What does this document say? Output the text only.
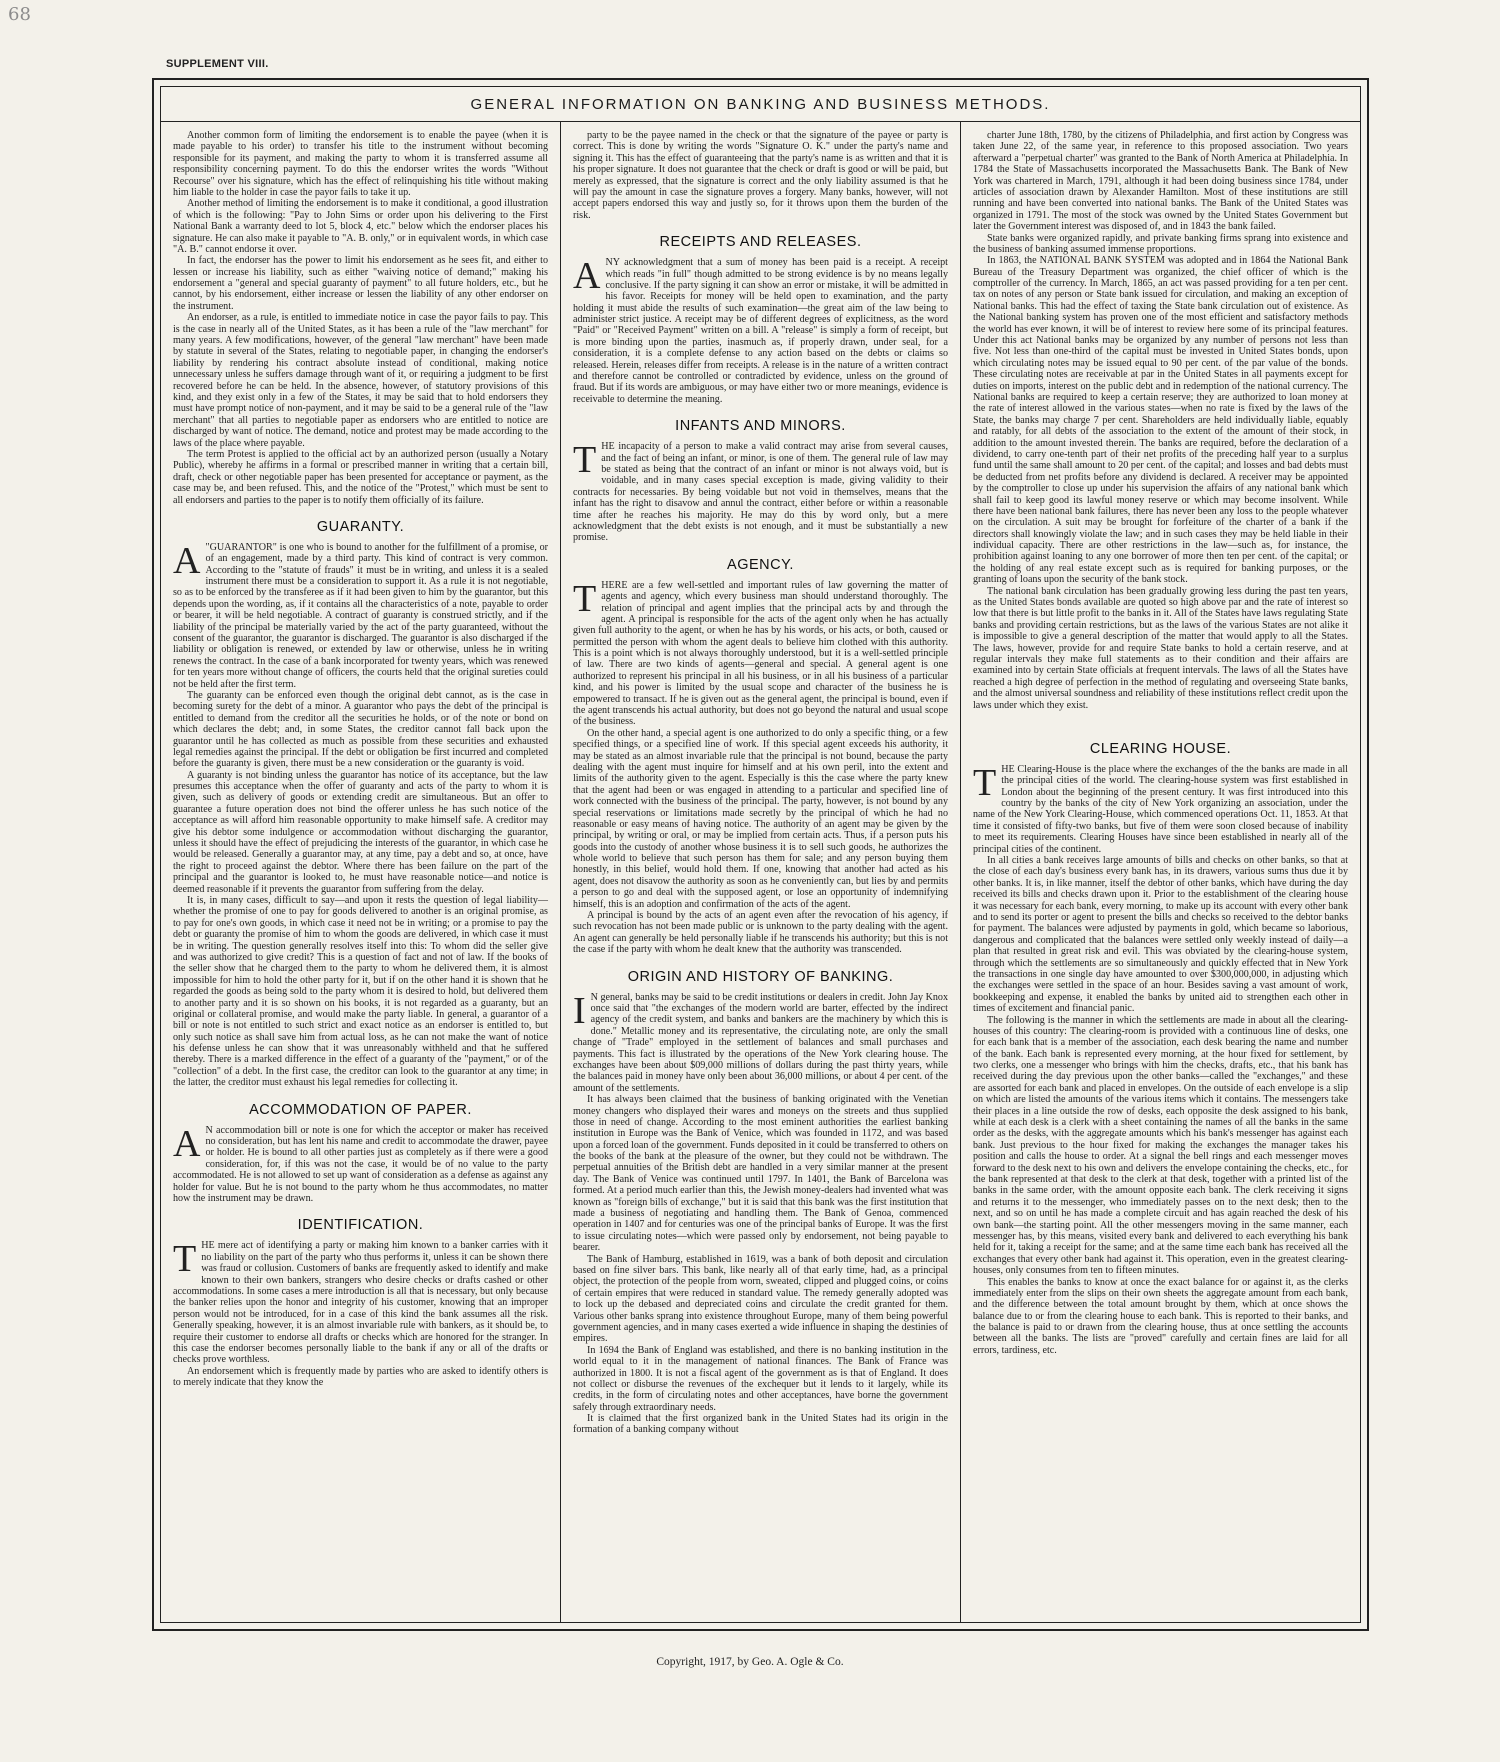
68
SUPPLEMENT VIII.
GENERAL INFORMATION ON BANKING AND BUSINESS METHODS.

Another common form of limiting the endorsement is to enable the payee (when it is made payable to his order) to transfer his title to the instrument without becoming responsible for its payment, and making the party to whom it is transferred assume all responsibility concerning payment. To do this the endorser writes the words "Without Recourse" over his signature, which has the effect of relinquishing his title without making him liable to the holder in case the payor fails to take it up.

Another method of limiting the endorsement is to make it conditional, a good illustration of which is the following: "Pay to John Sims or order upon his delivering to the First National Bank a warranty deed to lot 5, block 4, etc." below which the endorser places his signature. He can also make it payable to "A. B. only," or in equivalent words, in which case "A. B." cannot endorse it over.

In fact, the endorser has the power to limit his endorsement as he sees fit, and either to lessen or increase his liability, such as either "waiving notice of demand;" making his endorsement a "general and special guaranty of payment" to all future holders, etc., but he cannot, by his endorsement, either increase or lessen the liability of any other endorser on the instrument.

An endorser, as a rule, is entitled to immediate notice in case the payor fails to pay. This is the case in nearly all of the United States, as it has been a rule of the "law merchant" for many years. A few modifications, however, of the general "law merchant" have been made by statute in several of the States, relating to negotiable paper, in changing the endorser's liability by rendering his contract absolute instead of conditional, making notice unnecessary unless he suffers damage through want of it, or requiring a judgment to be first recovered before he can be held. In the absence, however, of statutory provisions of this kind, and they exist only in a few of the States, it may be said that to hold endorsers they must have prompt notice of non-payment, and it may be said to be a general rule of the "law merchant" that all parties to negotiable paper as endorsers who are entitled to notice are discharged by want of notice. The demand, notice and protest may be made according to the laws of the place where payable.

The term Protest is applied to the official act by an authorized person (usually a Notary Public), whereby he affirms in a formal or prescribed manner in writing that a certain bill, draft, check or other negotiable paper has been presented for acceptance or payment, as the case may be, and been refused. This, and the notice of the "Protest," which must be sent to all endorsers and parties to the paper is to notify them officially of its failure.

GUARANTY.

A "GUARANTOR" is one who is bound to another for the fulfillment of a promise, or of an engagement, made by a third party. This kind of contract is very common. According to the "statute of frauds" it must be in writing, and unless it is a sealed instrument there must be a consideration to support it. As a rule it is not negotiable, so as to be enforced by the transferee as if it had been given to him by the guarantor, but this depends upon the wording, as, if it contains all the characteristics of a note, payable to order or bearer, it will be held negotiable. A contract of guaranty is construed strictly, and if the liability of the principal be materially varied by the act of the party guaranteed, without the consent of the guarantor, the guarantor is discharged. The guarantor is also discharged if the liability or obligation is renewed, or extended by law or otherwise, unless he in writing renews the contract. In the case of a bank incorporated for twenty years, which was renewed for ten years more without change of officers, the courts held that the original sureties could not be held after the first term.

The guaranty can be enforced even though the original debt cannot, as is the case in becoming surety for the debt of a minor. A guarantor who pays the debt of the principal is entitled to demand from the creditor all the securities he holds, or of the note or bond on which declares the debt; and, in some States, the creditor cannot fall back upon the guarantor until he has collected as much as possible from these securities and exhausted legal remedies against the principal. If the debt or obligation be first incurred and completed before the guaranty is given, there must be a new consideration or the guaranty is void.

A guaranty is not binding unless the guarantor has notice of its acceptance, but the law presumes this acceptance when the offer of guaranty and acts of the party to whom it is given, such as delivery of goods or extending credit are simultaneous. But an offer to guarantee a future operation does not bind the offerer unless he has such notice of the acceptance as will afford him reasonable opportunity to make himself safe. A creditor may give his debtor some indulgence or accommodation without discharging the guarantor, unless it should have the effect of prejudicing the interests of the guarantor, in which case he would be released. Generally a guarantor may, at any time, pay a debt and so, at once, have the right to proceed against the debtor. Where there has been failure on the part of the principal and the guarantor is looked to, he must have reasonable notice—and notice is deemed reasonable if it prevents the guarantor from suffering from the delay.

It is, in many cases, difficult to say—and upon it rests the question of legal liability—whether the promise of one to pay for goods delivered to another is an original promise, as to pay for one's own goods, in which case it need not be in writing; or a promise to pay the debt or guaranty the promise of him to whom the goods are delivered, in which case it must be in writing. The question generally resolves itself into this: To whom did the seller give and was authorized to give credit? This is a question of fact and not of law. If the books of the seller show that he charged them to the party to whom he delivered them, it is almost impossible for him to hold the other party for it, but if on the other hand it is shown that he regarded the goods as being sold to the party whom it is desired to hold, but delivered them to another party and it is so shown on his books, it is not regarded as a guaranty, but an original or collateral promise, and would make the party liable. In general, a guarantor of a bill or note is not entitled to such strict and exact notice as an endorser is entitled to, but only such notice as shall save him from actual loss, as he can not make the want of notice his defense unless he can show that it was unreasonably withheld and that he suffered thereby. There is a marked difference in the effect of a guaranty of the "payment," or of the "collection" of a debt. In the first case, the creditor can look to the guarantor at any time; in the latter, the creditor must exhaust his legal remedies for collecting it.

ACCOMMODATION OF PAPER.

A N accommodation bill or note is one for which the acceptor or maker has received no consideration, but has lent his name and credit to accommodate the drawer, payee or holder. He is bound to all other parties just as completely as if there were a good consideration, for, if this was not the case, it would be of no value to the party accommodated. He is not allowed to set up want of consideration as a defense as against any holder for value. But he is not bound to the party whom he thus accommodates, no matter how the instrument may be drawn.

IDENTIFICATION.

THE mere act of identifying a party or making him known to a banker carries with it no liability on the part of the party who thus performs it, unless it can be shown there was fraud or collusion. Customers of banks are frequently asked to identify and make known to their own bankers, strangers who desire checks or drafts cashed or other accommodations. In some cases a mere introduction is all that is necessary, but only because the banker relies upon the honor and integrity of his customer, knowing that an improper person would not be introduced, for in a case of this kind the bank assumes all the risk. Generally speaking, however, it is an almost invariable rule with bankers, as it should be, to require their customer to endorse all drafts or checks which are honored for the stranger. In this case the endorser becomes personally liable to the bank if any or all of the drafts or checks prove worthless.

An endorsement which is frequently made by parties who are asked to identify others is to merely indicate that they know the

party to be the payee named in the check or that the signature of the payee or party is correct. This is done by writing the words "Signature O. K." under the party's name and signing it. This has the effect of guaranteeing that the party's name is as written and that it is his proper signature. It does not guarantee that the check or draft is good or will be paid, but merely as expressed, that the signature is correct and the only liability assumed is that he will pay the amount in case the signature proves a forgery. Many banks, however, will not accept papers endorsed this way and justly so, for it throws upon them the burden of the risk.

RECEIPTS AND RELEASES.

ANY acknowledgment that a sum of money has been paid is a receipt. A receipt which reads "in full" though admitted to be strong evidence is by no means legally conclusive. If the party signing it can show an error or mistake, it will be admitted in his favor. Receipts for money will be held open to examination, and the party holding it must abide the results of such examination—the great aim of the law being to administer strict justice. A receipt may be of different degrees of explicitness, as the word "Paid" or "Received Payment" written on a bill. A "release" is simply a form of receipt, but is more binding upon the parties, inasmuch as, if properly drawn, under seal, for a consideration, it is a complete defense to any action based on the debts or claims so released. Herein, releases differ from receipts. A release is in the nature of a written contract and therefore cannot be controlled or contradicted by evidence, unless on the ground of fraud. But if its words are ambiguous, or may have either two or more meanings, evidence is receivable to determine the meaning.

INFANTS AND MINORS.

THE incapacity of a person to make a valid contract may arise from several causes, and the fact of being an infant, or minor, is one of them. The general rule of law may be stated as being that the contract of an infant or minor is not always void, but is voidable, and in many cases special exception is made, giving validity to their contracts for necessaries. By being voidable but not void in themselves, means that the infant has the right to disavow and annul the contract, either before or within a reasonable time after he reaches his majority. He may do this by word only, but a mere acknowledgment that the debt exists is not enough, and it must be substantially a new promise.

AGENCY.

THERE are a few well-settled and important rules of law governing the matter of agents and agency, which every business man should understand thoroughly. The relation of principal and agent implies that the principal acts by and through the agent. A principal is responsible for the acts of the agent only when he has actually given full authority to the agent, or when he has by his words, or his acts, or both, caused or permitted the person with whom the agent deals to believe him clothed with this authority. This is a point which is not always thoroughly understood, but it is a well-settled principle of law. There are two kinds of agents—general and special. A general agent is one authorized to represent his principal in all his business, or in all his business of a particular kind, and his power is limited by the usual scope and character of the business he is empowered to transact. If he is given out as the general agent, the principal is bound, even if the agent transcends his actual authority, but does not go beyond the natural and usual scope of the business.

On the other hand, a special agent is one authorized to do only a specific thing, or a few specified things, or a specified line of work. If this special agent exceeds his authority, it may be stated as an almost invariable rule that the principal is not bound, because the party dealing with the agent must inquire for himself and at his own peril, into the extent and limits of the authority given to the agent. Especially is this the case where the party knew that the agent had been or was engaged in attending to a particular and specified line of work connected with the business of the principal. The party, however, is not bound by any special reservations or limitations made secretly by the principal of which he had no reasonable or easy means of having notice. The authority of an agent may be given by the principal, by writing or oral, or may be implied from certain acts. Thus, if a person puts his goods into the custody of another whose business it is to sell such goods, he authorizes the whole world to believe that such person has them for sale; and any person buying them honestly, in this belief, would hold them. If one, knowing that another had acted as his agent, does not disavow the authority as soon as he conveniently can, but lies by and permits a person to go and deal with the supposed agent, or lose an opportunity of indemnifying himself, this is an adoption and confirmation of the acts of the agent.

A principal is bound by the acts of an agent even after the revocation of his agency, if such revocation has not been made public or is unknown to the party dealing with the agent. An agent can generally be held personally liable if he transcends his authority; but this is not the case if the party with whom he dealt knew that the authority was transcended.

ORIGIN AND HISTORY OF BANKING.

I N general, banks may be said to be credit institutions or dealers in credit. John Jay Knox once said that "the exchanges of the modern world are barter, effected by the indirect agency of the credit system, and banks and bankers are the machinery by which this is done." Metallic money and its representative, the circulating note, are only the small change of "Trade" employed in the settlement of balances and small purchases and payments. This fact is illustrated by the operations of the New York clearing house. The exchanges have been about $09,000 millions of dollars during the past thirty years, while the balances paid in money have only been about 36,000 millions, or about 4 per cent. of the amount of the settlements.

It has always been claimed that the business of banking originated with the Venetian money changers who displayed their wares and moneys on the streets and thus supplied those in need of change. According to the most eminent authorities the earliest banking institution in Europe was the Bank of Venice, which was founded in 1172, and was based upon a forced loan of the government. Funds deposited in it could be transferred to others on the books of the bank at the pleasure of the owner, but they could not be withdrawn. The perpetual annuities of the British debt are handled in a very similar manner at the present day. The Bank of Venice was continued until 1797. In 1401, the Bank of Barcelona was formed. At a period much earlier than this, the Jewish money-dealers had invented what was known as "foreign bills of exchange," but it is said that this bank was the first institution that made a business of negotiating and handling them. The Bank of Genoa, commenced operation in 1407 and for centuries was one of the principal banks of Europe. It was the first to issue circulating notes—which were passed only by endorsement, not being payable to bearer.

The Bank of Hamburg, established in 1619, was a bank of both deposit and circulation based on fine silver bars. This bank, like nearly all of that early time, had, as a principal object, the protection of the people from worn, sweated, clipped and plugged coins, or coins of certain empires that were reduced in standard value. The remedy generally adopted was to lock up the debased and depreciated coins and circulate the credit granted for them. Various other banks sprang into existence throughout Europe, many of them being powerful government agencies, and in many cases exerted a wide influence in shaping the destinies of empires.

In 1694 the Bank of England was established, and there is no banking institution in the world equal to it in the management of national finances. The Bank of France was authorized in 1800. It is not a fiscal agent of the government as is that of England. It does not collect or disburse the revenues of the exchequer but it lends to it largely, while its credits, in the form of circulating notes and other acceptances, have borne the government safely through extraordinary needs.

It is claimed that the first organized bank in the United States had its origin in the formation of a banking company without

charter June 18th, 1780, by the citizens of Philadelphia, and first action by Congress was taken June 22, of the same year, in reference to this proposed association. Two years afterward a "perpetual charter" was granted to the Bank of North America at Philadelphia. In 1784 the State of Massachusetts incorporated the Massachusetts Bank. The Bank of New York was chartered in March, 1791, although it had been doing business since 1784, under articles of association drawn by Alexander Hamilton. Most of these institutions are still running and have been converted into national banks. The Bank of the United States was organized in 1791. The most of the stock was owned by the United States Government but later the Government interest was disposed of, and in 1843 the bank failed.

State banks were organized rapidly, and private banking firms sprang into existence and the business of banking assumed immense proportions.

In 1863, the NATIONAL BANK SYSTEM was adopted and in 1864 the National Bank Bureau of the Treasury Department was organized, the chief officer of which is the comptroller of the currency. In March, 1865, an act was passed providing for a ten per cent. tax on notes of any person or State bank issued for circulation, and making an exception of National banks. This had the effect of taxing the State bank circulation out of existence. As the National banking system has proven one of the most efficient and satisfactory methods the world has ever known, it will be of interest to review here some of its principal features. Under this act National banks may be organized by any number of persons not less than five. Not less than one-third of the capital must be invested in United States bonds, upon which circulating notes may be issued equal to 90 per cent. of the par value of the bonds. These circulating notes are receivable at par in the United States in all payments except for duties on imports, interest on the public debt and in redemption of the national currency. The National banks are required to keep a certain reserve; they are authorized to loan money at the rate of interest allowed in the various states—when no rate is fixed by the laws of the State, the banks may charge 7 per cent. Shareholders are held individually liable, equably and ratably, for all debts of the association to the extent of the amount of their stock, in addition to the amount invested therein. The banks are required, before the declaration of a dividend, to carry one-tenth part of their net profits of the preceding half year to a surplus fund until the same shall amount to 20 per cent. of the capital; and losses and bad debts must be deducted from net profits before any dividend is declared. A receiver may be appointed by the comptroller to close up under his supervision the affairs of any national bank which shall fail to keep good its lawful money reserve or which may become insolvent. While there have been national bank failures, there has never been any loss to the people whatever on the circulation. A suit may be brought for forfeiture of the charter of a bank if the directors shall knowingly violate the law; and in such cases they may be held liable in their individual capacity. There are other restrictions in the law—such as, for instance, the prohibition against loaning to any one borrower of more then ten per cent. of the capital; or the holding of any real estate except such as is required for banking purposes, or the granting of loans upon the security of the bank stock.

The national bank circulation has been gradually growing less during the past ten years, as the United States bonds available are quoted so high above par and the rate of interest so low that there is but little profit to the banks in it. All of the States have laws regulating State banks and providing certain restrictions, but as the laws of the various States are not alike it is impossible to give a general description of the matter that would apply to all the States. The laws, however, provide for and require State banks to hold a certain reserve, and at regular intervals they make full statements as to their condition and their affairs are examined into by certain State officials at frequent intervals. The laws of all the States have reached a high degree of perfection in the method of regulating and overseeing State banks, and the almost universal soundness and reliability of these institutions reflect credit upon the laws under which they exist.

CLEARING HOUSE.

THE Clearing-House is the place where the exchanges of the the banks are made in all the principal cities of the world. The clearing-house system was first established in London about the beginning of the present century. It was first introduced into this country by the banks of the city of New York organizing an association, under the name of the New York Clearing-House, which commenced operations Oct. 11, 1853. At that time it consisted of fifty-two banks, but five of them were soon closed because of inability to meet its requirements. Clearing Houses have since been established in nearly all of the principal cities of the continent.

In all cities a bank receives large amounts of bills and checks on other banks, so that at the close of each day's business every bank has, in its drawers, various sums thus due it by other banks. It is, in like manner, itself the debtor of other banks, which have during the day received its bills and checks drawn upon it. Prior to the establishment of the clearing house it was necessary for each bank, every morning, to make up its account with every other bank and to send its porter or agent to present the bills and checks so received to the debtor banks for payment. The balances were adjusted by payments in gold, which became so laborious, dangerous and complicated that the balances were settled only weekly instead of daily—a plan that resulted in great risk and evil. This was obviated by the clearing-house system, through which the settlements are so simultaneously and quickly effected that in New York the transactions in one single day have amounted to over $300,000,000, in adjusting which the exchanges were settled in the space of an hour. Besides saving a vast amount of work, bookkeeping and expense, it enabled the banks by united aid to strengthen each other in times of excitement and financial panic.

The following is the manner in which the settlements are made in about all the clearing-houses of this country: The clearing-room is provided with a continuous line of desks, one for each bank that is a member of the association, each desk bearing the name and number of the bank. Each bank is represented every morning, at the hour fixed for settlement, by two clerks, one a messenger who brings with him the checks, drafts, etc., that his bank has received during the day previous upon the other banks—called the "exchanges," and these are assorted for each bank and placed in envelopes. On the outside of each envelope is a slip on which are listed the amounts of the various items which it contains. The messengers take their places in a line outside the row of desks, each opposite the desk assigned to his bank, while at each desk is a clerk with a sheet containing the names of all the banks in the same order as the desks, with the aggregate amounts which his bank's messenger has against each bank. Just previous to the hour fixed for making the exchanges the manager takes his position and calls the house to order. At a signal the bell rings and each messenger moves forward to the desk next to his own and delivers the envelope containing the checks, etc., for the bank represented at that desk to the clerk at that desk, together with a printed list of the banks in the same order, with the amount opposite each bank. The clerk receiving it signs and returns it to the messenger, who immediately passes on to the next desk; then to the next, and so on until he has made a complete circuit and has again reached the desk of his own bank—the starting point. All the other messengers moving in the same manner, each messenger has, by this means, visited every bank and delivered to each everything his bank held for it, taking a receipt for the same; and at the same time each bank has received all the exchanges that every other bank had against it. This operation, even in the greatest clearing-houses, only consumes from ten to fifteen minutes.

This enables the banks to know at once the exact balance for or against it, as the clerks immediately enter from the slips on their own sheets the aggregate amount from each bank, and the difference between the total amount brought by them, which at once shows the balance due to or from the clearing house to each bank. This is reported to their banks, and the balance is paid to or drawn from the clearing house, thus at once settling the accounts between all the banks. The lists are "proved" carefully and certain fines are laid for all errors, tardiness, etc.

Copyright, 1917, by Geo. A. Ogle & Co.
